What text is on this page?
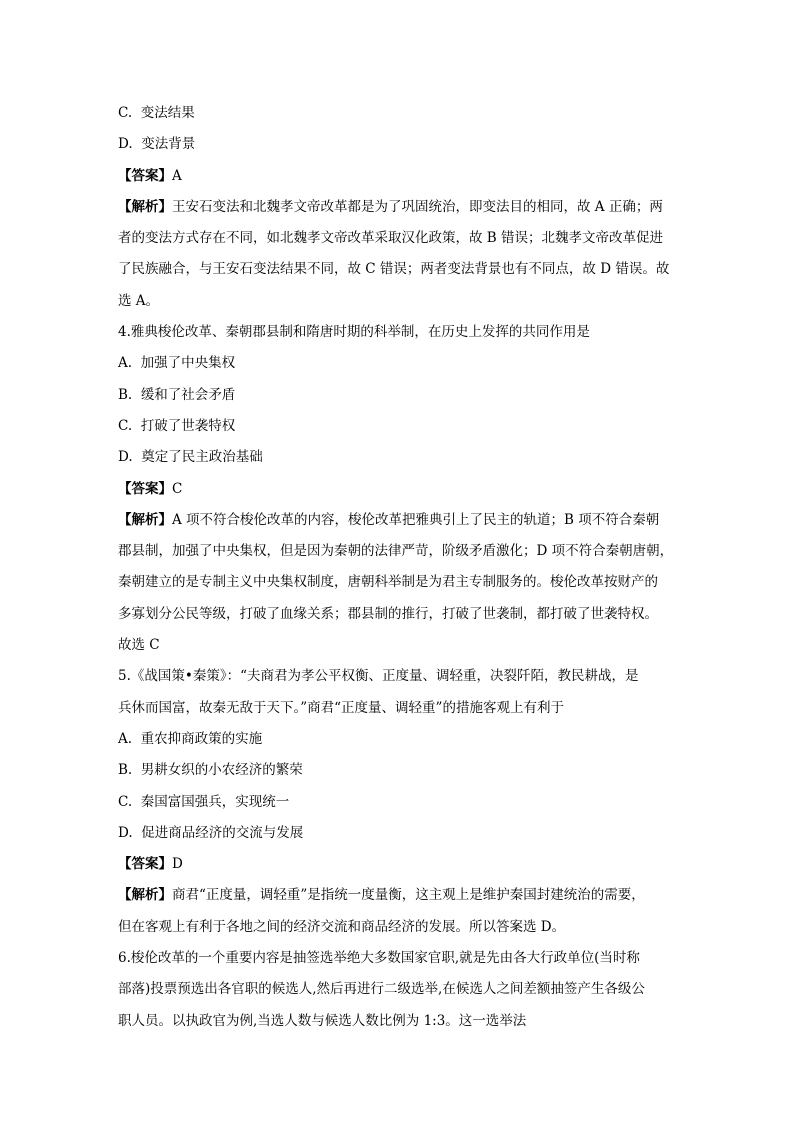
C. 变法结果
D. 变法背景
【答案】A
【解析】王安石变法和北魏孝文帝改革都是为了巩固统治，即变法目的相同，故 A 正确；两
者的变法方式存在不同，如北魏孝文帝改革采取汉化政策，故 B 错误；北魏孝文帝改革促进
了民族融合，与王安石变法结果不同，故 C 错误；两者变法背景也有不同点，故 D 错误。故
选 A。
4.雅典梭伦改革、秦朝郡县制和隋唐时期的科举制，在历史上发挥的共同作用是
A. 加强了中央集权
B. 缓和了社会矛盾
C. 打破了世袭特权
D. 奠定了民主政治基础
【答案】C
【解析】A 项不符合梭伦改革的内容，梭伦改革把雅典引上了民主的轨道；B 项不符合秦朝
郡县制，加强了中央集权，但是因为秦朝的法律严苛，阶级矛盾激化；D 项不符合秦朝唐朝，
秦朝建立的是专制主义中央集权制度，唐朝科举制是为君主专制服务的。梭伦改革按财产的
多寡划分公民等级，打破了血缘关系；郡县制的推行，打破了世袭制，都打破了世袭特权。
故选 C
5.《战国策•秦策》：“夫商君为孝公平权衡、正度量、调轻重，决裂阡陌，教民耕战，是
兵休而国富，故秦无敌于天下。”商君“正度量、调轻重”的措施客观上有利于
A. 重农抑商政策的实施
B. 男耕女织的小农经济的繁荣
C. 秦国富国强兵，实现统一
D. 促进商品经济的交流与发展
【答案】D
【解析】商君“正度量，调轻重”是指统一度量衡，这主观上是维护秦国封建统治的需要，
但在客观上有利于各地之间的经济交流和商品经济的发展。所以答案选 D。
6.梭伦改革的一个重要内容是抽签选举绝大多数国家官职,就是先由各大行政单位(当时称
部落)投票预选出各官职的候选人,然后再进行二级选举,在候选人之间差额抽签产生各级公
职人员。以执政官为例,当选人数与候选人数比例为 1:3。这一选举法
